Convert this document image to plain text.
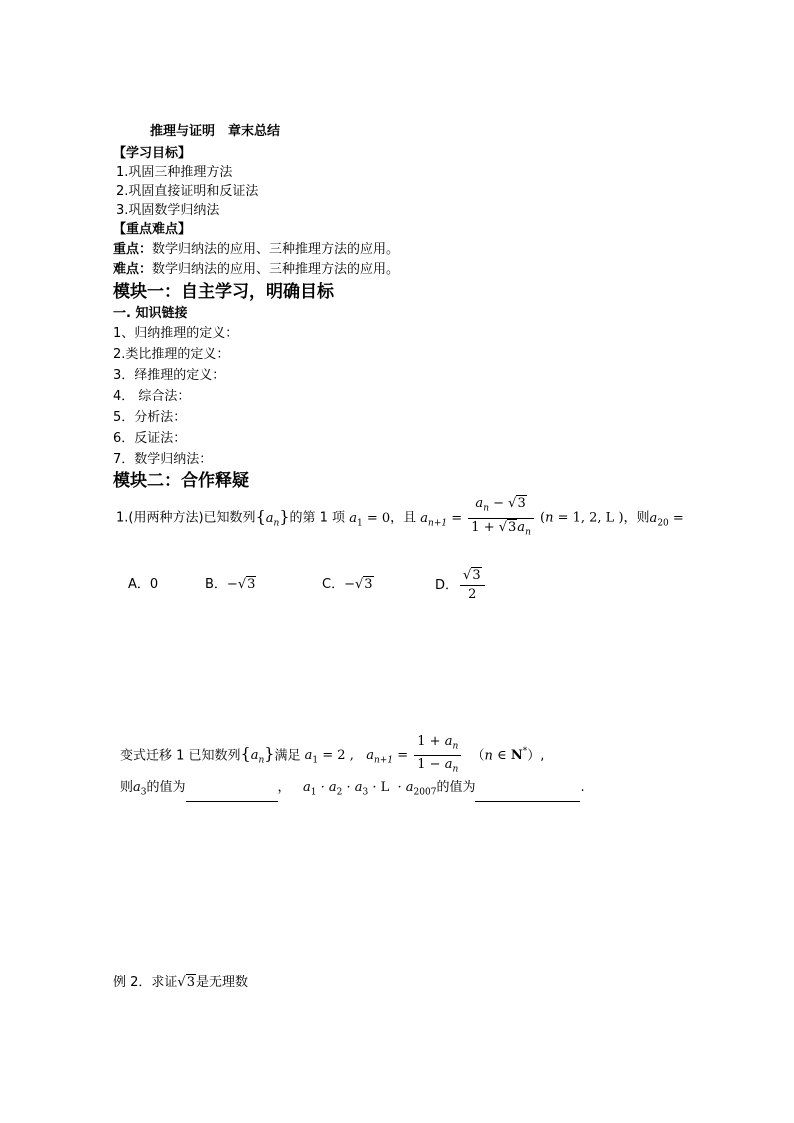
推理与证明　章末总结
【学习目标】
1.巩固三种推理方法
2.巩固直接证明和反证法
3.巩固数学归纳法
【重点难点】
重点：数学归纳法的应用、三种推理方法的应用。
难点：数学归纳法的应用、三种推理方法的应用。
模块一：自主学习，明确目标
一. 知识链接
1、归纳推理的定义：
2.类比推理的定义：
3．绎推理的定义：
4． 综合法：
5．分析法：
6．反证法：
7．数学归纳法：
模块二：合作释疑
1.(用两种方法)已知数列$\{a_n\}$的第 1 项 $a_1 = 0$，且 $a_{n+1} = \frac{a_n - √3}{1 + √3a_n} (n = 1$, 2, L )，则$a_{20}$ =
A．0	B．−√3	C．−√3	D． $\frac{√3}{2}$
变式迁移 1 已知数列$\{a_n\}$满足 $a_1 = 2$ , $a_{n+1} = \frac{1 + a_n}{1 - a_n} (n$ ∈ N*）,
则$a_3$的值为	，   $a_1 \cdot a_2 \cdot a_3 \cdot L \cdot a_{2007}$的值为	.
例 2．求证√3是无理数
